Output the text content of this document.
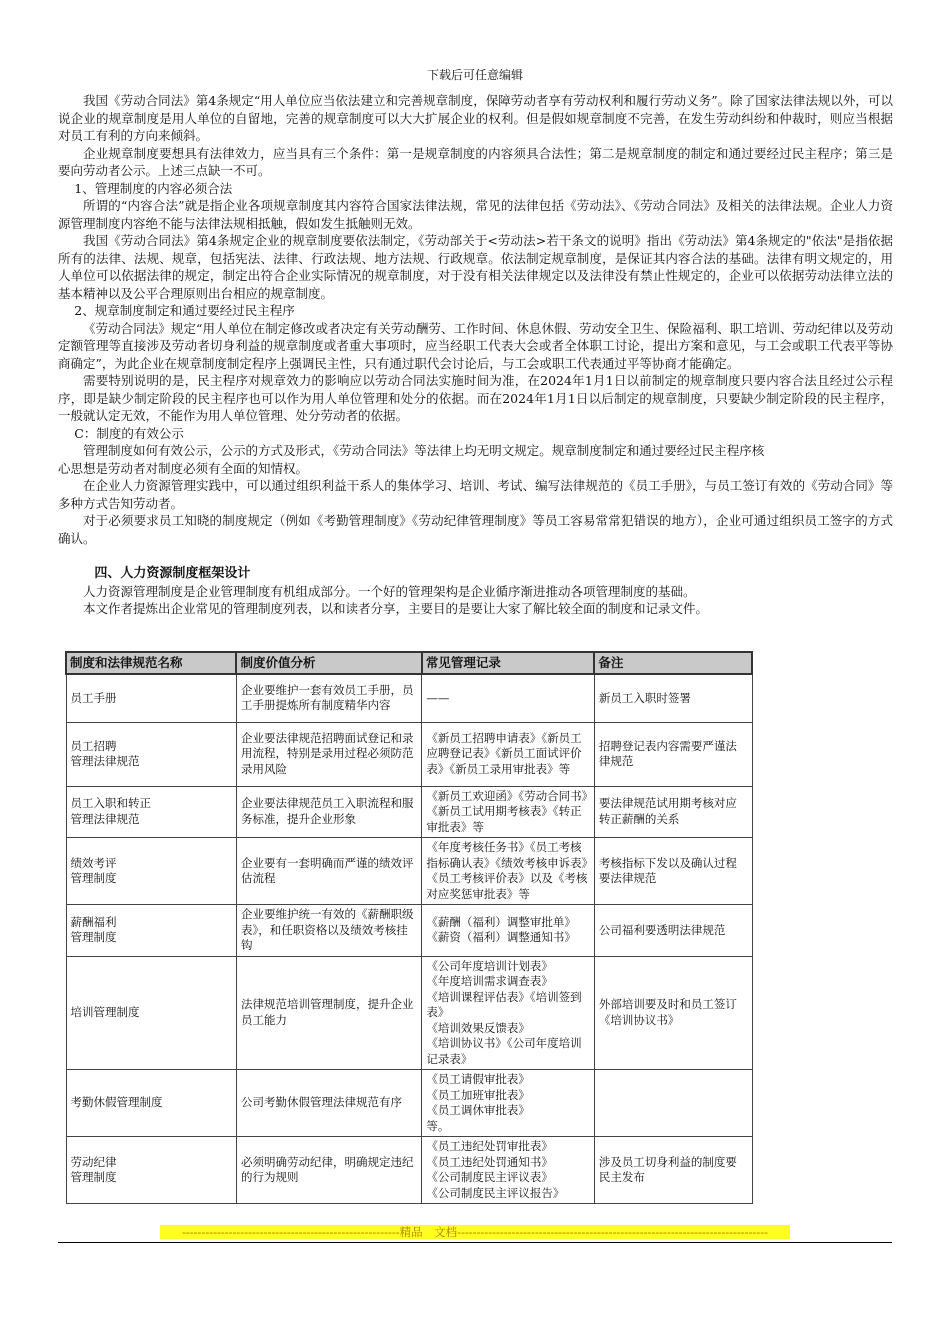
下载后可任意编辑

我国《劳动合同法》第4条规定“用人单位应当依法建立和完善规章制度，保障劳动者享有劳动权利和履行劳动义务”。除了国家法律法规以外，可以说企业的规章制度是用人单位的自留地，完善的规章制度可以大大扩展企业的权利。但是假如规章制度不完善，在发生劳动纠纷和仲裁时，则应当根据对员工有利的方向来倾斜。

企业规章制度要想具有法律效力，应当具有三个条件：第一是规章制度的内容须具合法性；第二是规章制度的制定和通过要经过民主程序；第三是要向劳动者公示。上述三点缺一不可。

1、管理制度的内容必须合法

所谓的“内容合法”就是指企业各项规章制度其内容符合国家法律法规，常见的法律包括《劳动法》、《劳动合同法》及相关的法律法规。企业人力资源管理制度内容绝不能与法律法规相抵触，假如发生抵触则无效。

我国《劳动合同法》第4条规定企业的规章制度要依法制定，《劳动部关于<劳动法>若干条文的说明》指出《劳动法》第4条规定的"依法"是指依据所有的法律、法规、规章，包括宪法、法律、行政法规、地方法规、行政规章。依法制定规章制度，是保证其内容合法的基础。法律有明文规定的，用人单位可以依据法律的规定，制定出符合企业实际情况的规章制度，对于没有相关法律规定以及法律没有禁止性规定的，企业可以依据劳动法律立法的基本精神以及公平合理原则出台相应的规章制度。

2、规章制度制定和通过要经过民主程序

《劳动合同法》规定“用人单位在制定修改或者决定有关劳动酬劳、工作时间、休息休假、劳动安全卫生、保险福利、职工培训、劳动纪律以及劳动定额管理等直接涉及劳动者切身利益的规章制度或者重大事项时，应当经职工代表大会或者全体职工讨论，提出方案和意见，与工会或职工代表平等协商确定”，为此企业在规章制度制定程序上强调民主性，只有通过职代会讨论后，与工会或职工代表通过平等协商才能确定。

需要特别说明的是，民主程序对规章效力的影响应以劳动合同法实施时间为准，在2024年1月1日以前制定的规章制度只要内容合法且经过公示程序，即是缺少制定阶段的民主程序也可以作为用人单位管理和处分的依据。而在2024年1月1日以后制定的规章制度，只要缺少制定阶段的民主程序，一般就认定无效，不能作为用人单位管理、处分劳动者的依据。

C：制度的有效公示

管理制度如何有效公示，公示的方式及形式，《劳动合同法》等法律上均无明文规定。规章制度制定和通过要经过民主程序核

心思想是劳动者对制度必须有全面的知情权。

在企业人力资源管理实践中，可以通过组织利益干系人的集体学习、培训、考试、编写法律规范的《员工手册》，与员工签订有效的《劳动合同》等多种方式告知劳动者。

对于必须要求员工知晓的制度规定（例如《考勤管理制度》《劳动纪律管理制度》等员工容易常常犯错误的地方），企业可通过组织员工签字的方式确认。

四、人力资源制度框架设计

人力资源管理制度是企业管理制度有机组成部分。一个好的管理架构是企业循序渐进推动各项管理制度的基础。

本文作者提炼出企业常见的管理制度列表，以和读者分享，主要目的是要让大家了解比较全面的制度和记录文件。

制度和法律规范名称	制度价值分析	常见管理记录	备注
员工手册	企业要维护一套有效员工手册，员工手册提炼所有制度精华内容	——	新员工入职时签署
员工招聘
管理法律规范	企业要法律规范招聘面试登记和录用流程，特别是录用过程必须防范录用风险	《新员工招聘申请表》《新员工应聘登记表》《新员工面试评价表》《新员工录用审批表》等	招聘登记表内容需要严谨法律规范
员工入职和转正
管理法律规范	企业要法律规范员工入职流程和服务标准，提升企业形象	《新员工欢迎函》《劳动合同书》《新员工试用期考核表》《转正审批表》等	要法律规范试用期考核对应转正薪酬的关系
绩效考评
管理制度	企业要有一套明确而严谨的绩效评估流程	《年度考核任务书》《员工考核指标确认表》《绩效考核申诉表》《员工考核评价表》以及《考核对应奖惩审批表》等	考核指标下发以及确认过程要法律规范
薪酬福利
管理制度	企业要维护统一有效的《薪酬职级表》，和任职资格以及绩效考核挂钩	《薪酬（福利）调整审批单》《薪资（福利）调整通知书》	公司福利要透明法律规范
培训管理制度	法律规范培训管理制度，提升企业员工能力	《公司年度培训计划表》
《年度培训需求调查表》
《培训课程评估表》《培训签到表》
《培训效果反馈表》
《培训协议书》《公司年度培训记录表》	外部培训要及时和员工签订《培训协议书》
考勤休假管理制度	公司考勤休假管理法律规范有序	《员工请假审批表》
《员工加班审批表》
《员工调休审批表》
等。	
劳动纪律
管理制度	必须明确劳动纪律，明确规定违纪的行为规则	《员工违纪处罚审批表》
《员工违纪处罚通知书》
《公司制度民主评议表》
《公司制度民主评议报告》	涉及员工切身利益的制度要民主发布
--------------------------------------------------------精品　文档--------------------------------------------------------------------------------
